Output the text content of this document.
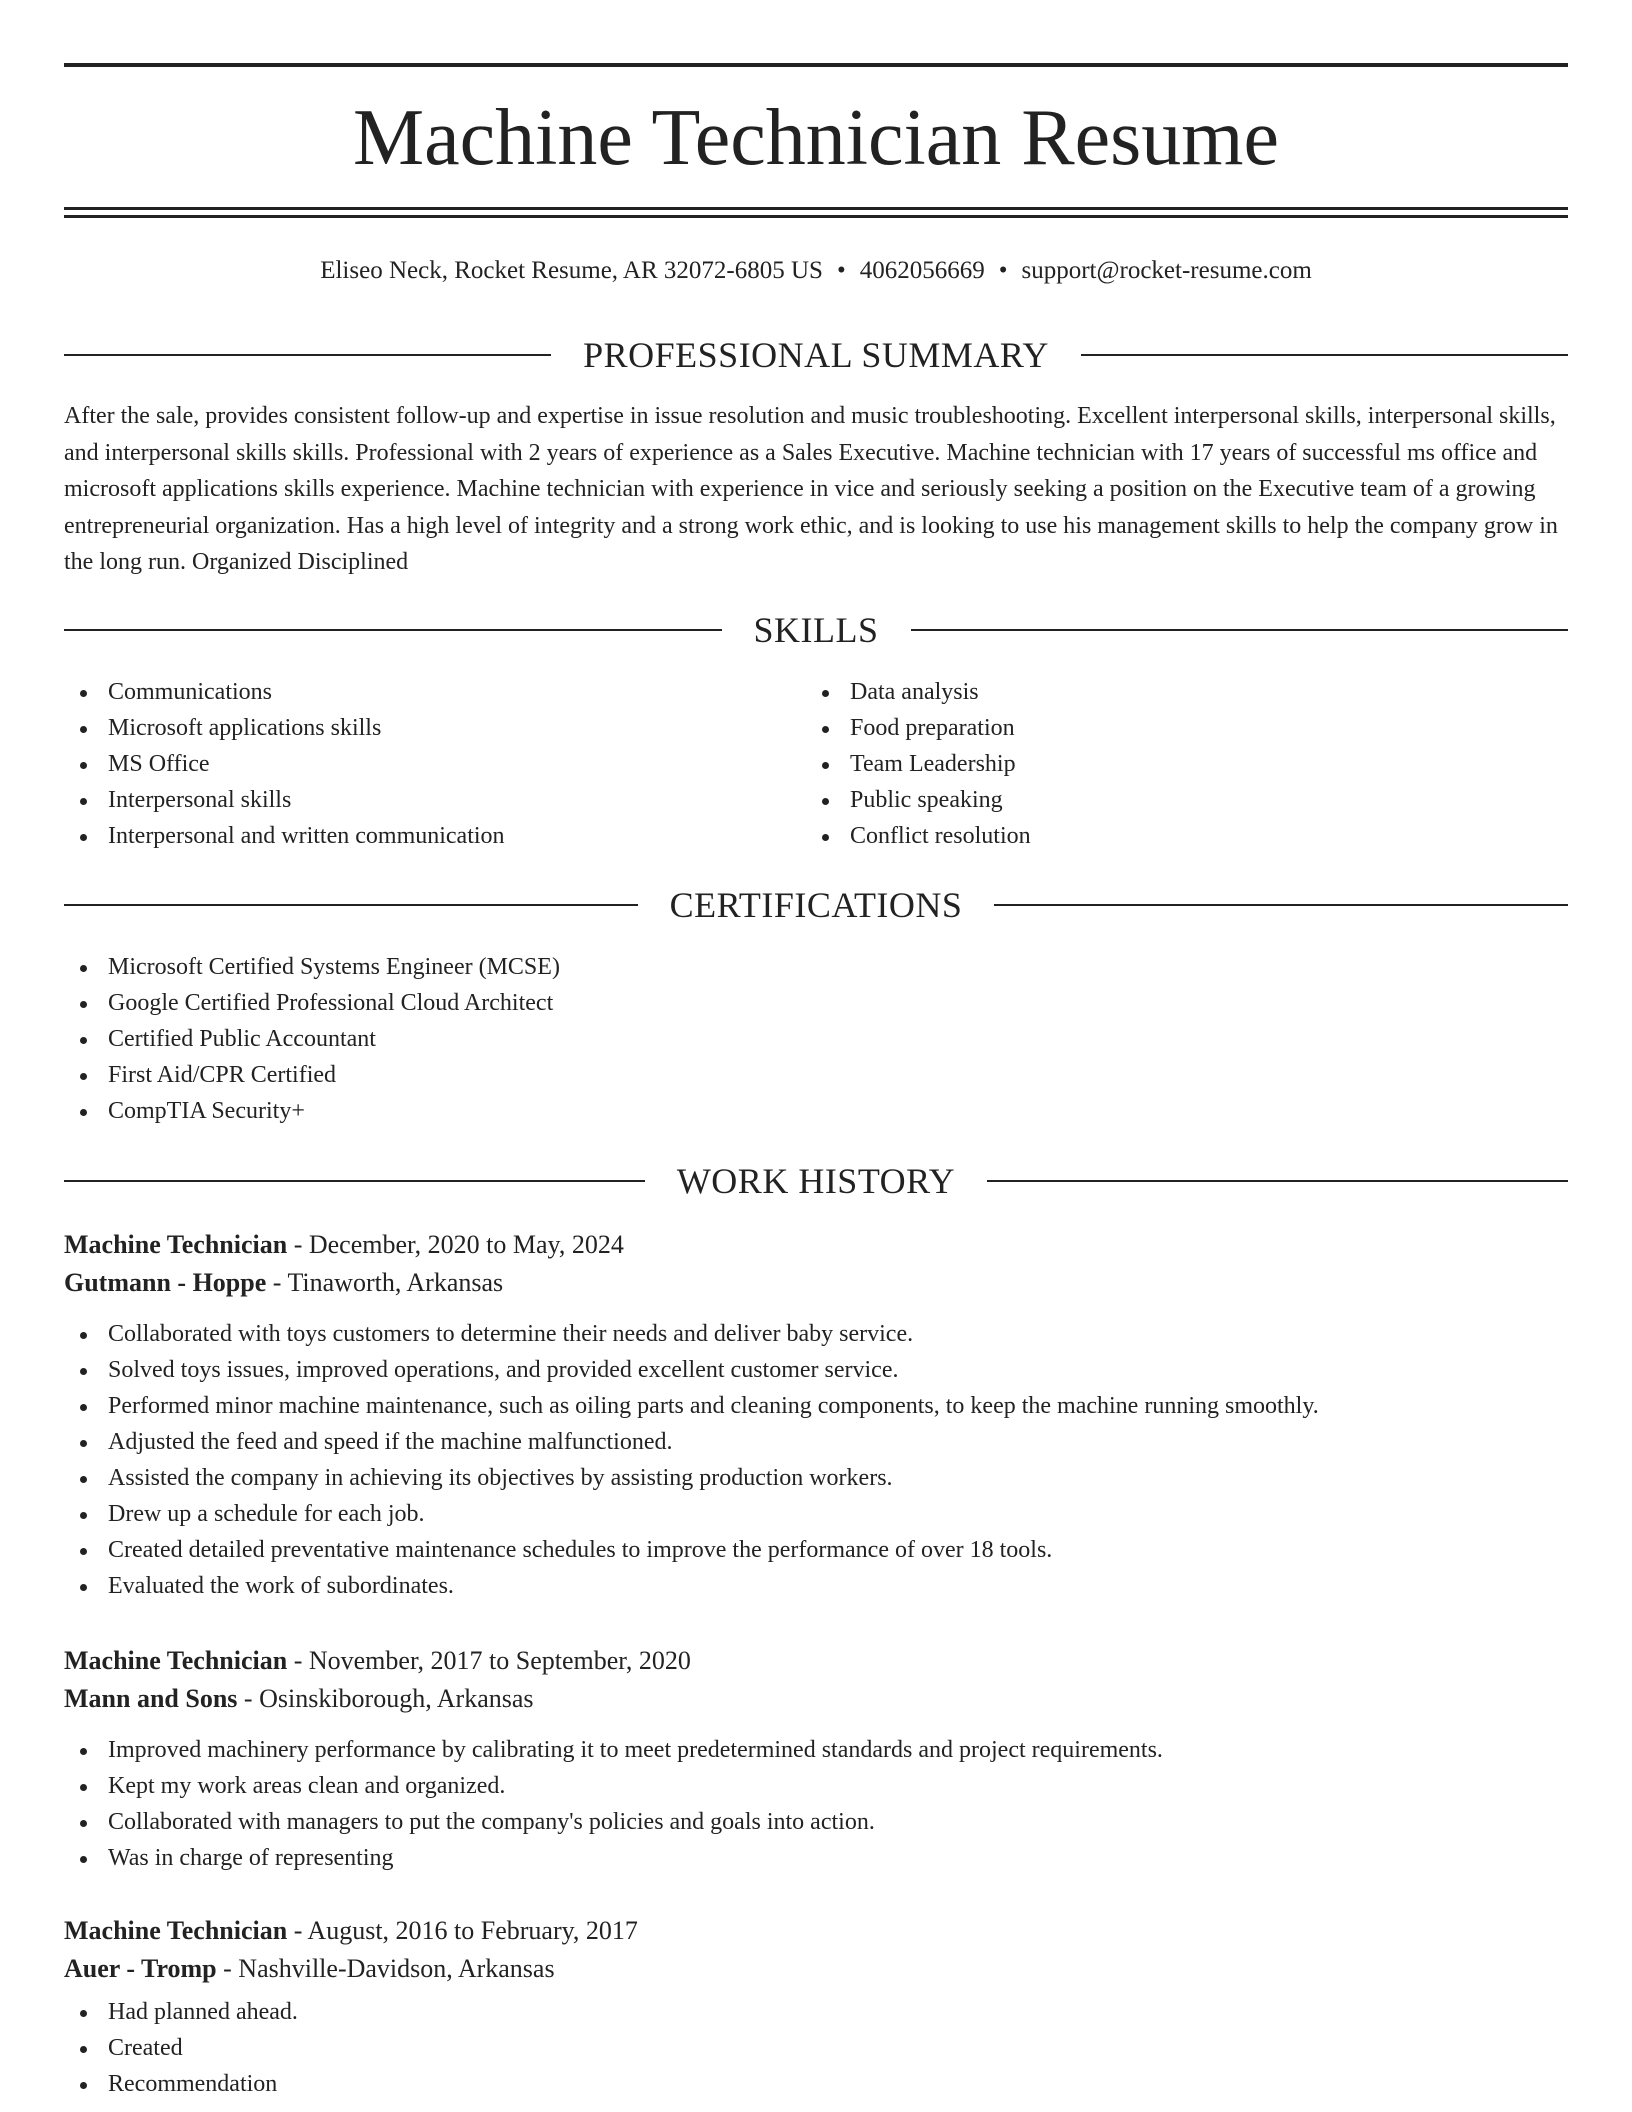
Machine Technician Resume
Eliseo Neck, Rocket Resume, AR 32072-6805 US • 4062056669 • support@rocket-resume.com
PROFESSIONAL SUMMARY

After the sale, provides consistent follow-up and expertise in issue resolution and music troubleshooting. Excellent interpersonal skills, interpersonal skills, and interpersonal skills skills. Professional with 2 years of experience as a Sales Executive. Machine technician with 17 years of successful ms office and microsoft applications skills experience. Machine technician with experience in vice and seriously seeking a position on the Executive team of a growing entrepreneurial organization. Has a high level of integrity and a strong work ethic, and is looking to use his management skills to help the company grow in the long run. Organized Disciplined

SKILLS
Communications
Microsoft applications skills
MS Office
Interpersonal skills
Interpersonal and written communication
Data analysis
Food preparation
Team Leadership
Public speaking
Conflict resolution
CERTIFICATIONS
Microsoft Certified Systems Engineer (MCSE)
Google Certified Professional Cloud Architect
Certified Public Accountant
First Aid/CPR Certified
CompTIA Security+
WORK HISTORY

Machine Technician - December, 2020 to May, 2024

Gutmann - Hoppe - Tinaworth, Arkansas

Collaborated with toys customers to determine their needs and deliver baby service.
Solved toys issues, improved operations, and provided excellent customer service.
Performed minor machine maintenance, such as oiling parts and cleaning components, to keep the machine running smoothly.
Adjusted the feed and speed if the machine malfunctioned.
Assisted the company in achieving its objectives by assisting production workers.
Drew up a schedule for each job.
Created detailed preventative maintenance schedules to improve the performance of over 18 tools.
Evaluated the work of subordinates.

Machine Technician - November, 2017 to September, 2020

Mann and Sons - Osinskiborough, Arkansas

Improved machinery performance by calibrating it to meet predetermined standards and project requirements.
Kept my work areas clean and organized.
Collaborated with managers to put the company's policies and goals into action.
Was in charge of representing

Machine Technician - August, 2016 to February, 2017

Auer - Tromp - Nashville-Davidson, Arkansas

Had planned ahead.
Created
Recommendation
